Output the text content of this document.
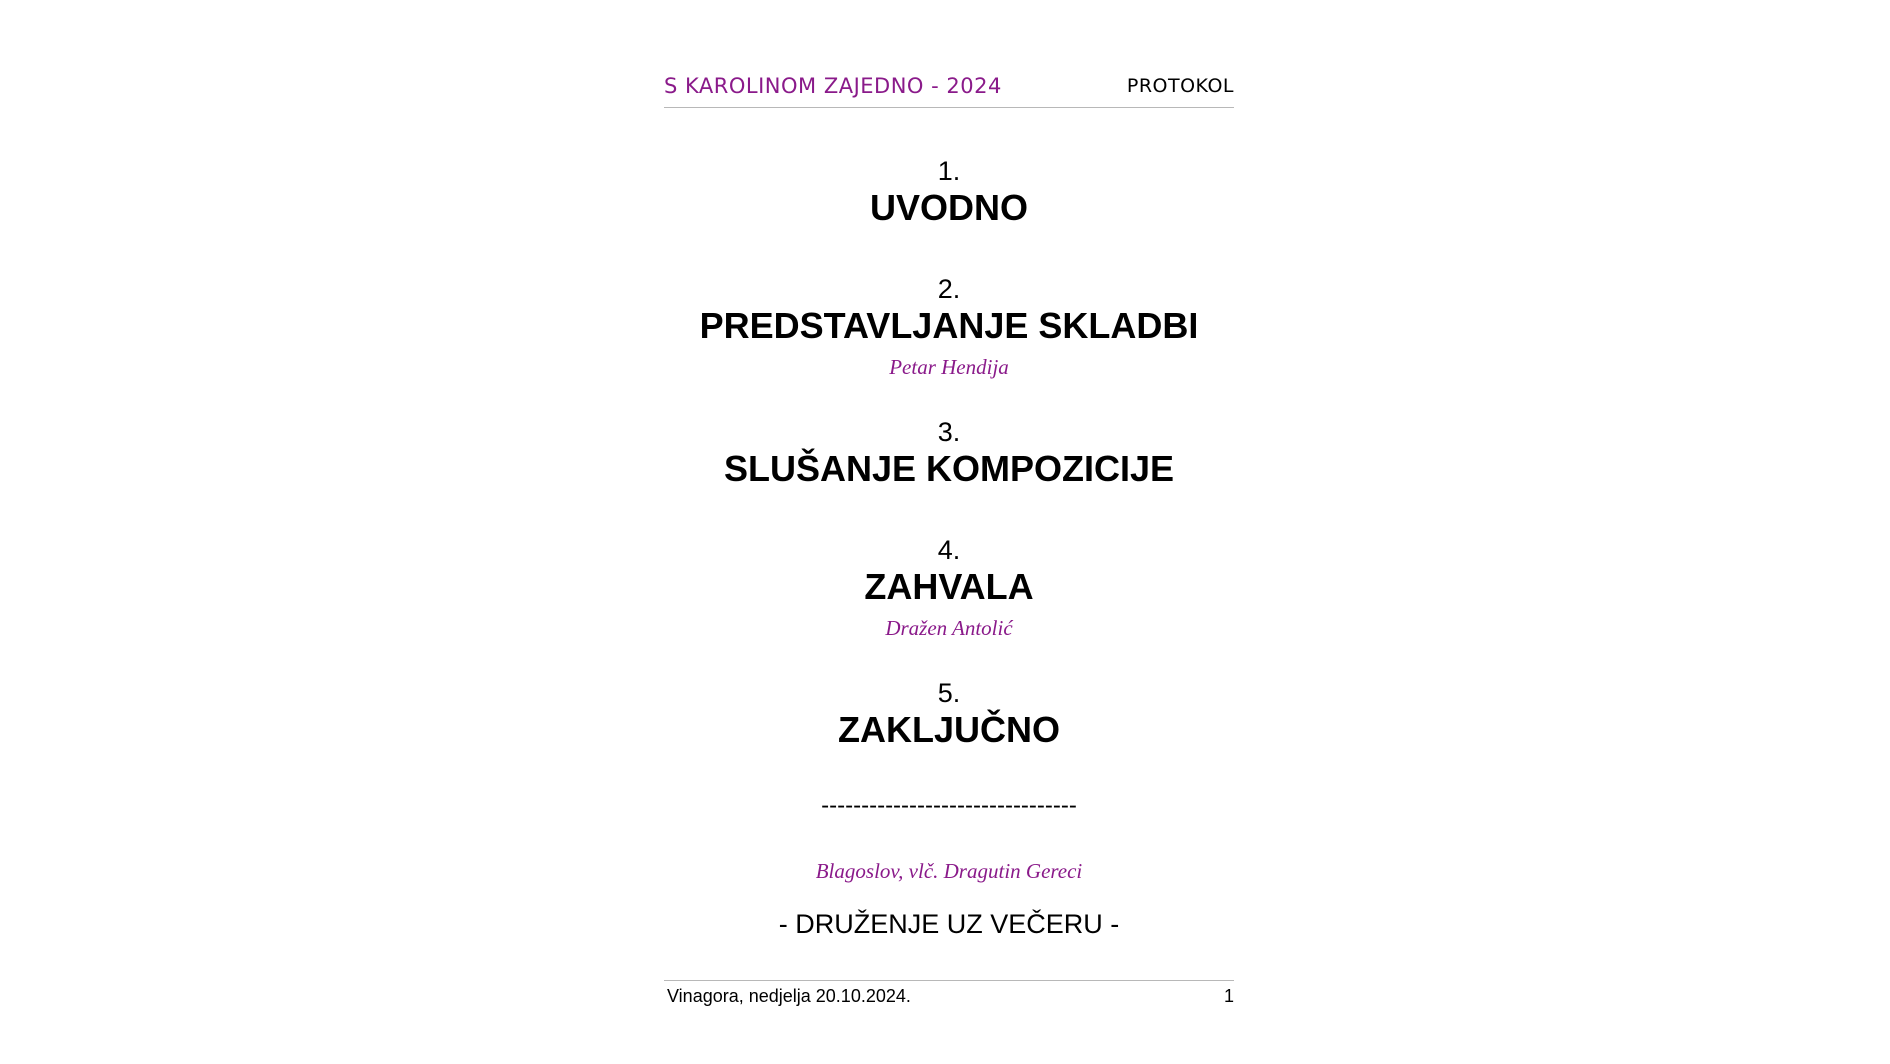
S KAROLINOM ZAJEDNO - 2024	PROTOKOL
1.
UVODNO
2.
PREDSTAVLJANJE SKLADBI
Petar Hendija
3.
SLUŠANJE KOMPOZICIJE
4.
ZAHVALA
Dražen Antolić
5.
ZAKLJUČNO
--------------------------------
Blagoslov, vlč. Dragutin Gereci
- DRUŽENJE UZ VEČERU -
Vinagora, nedjelja 20.10.2024.	1
